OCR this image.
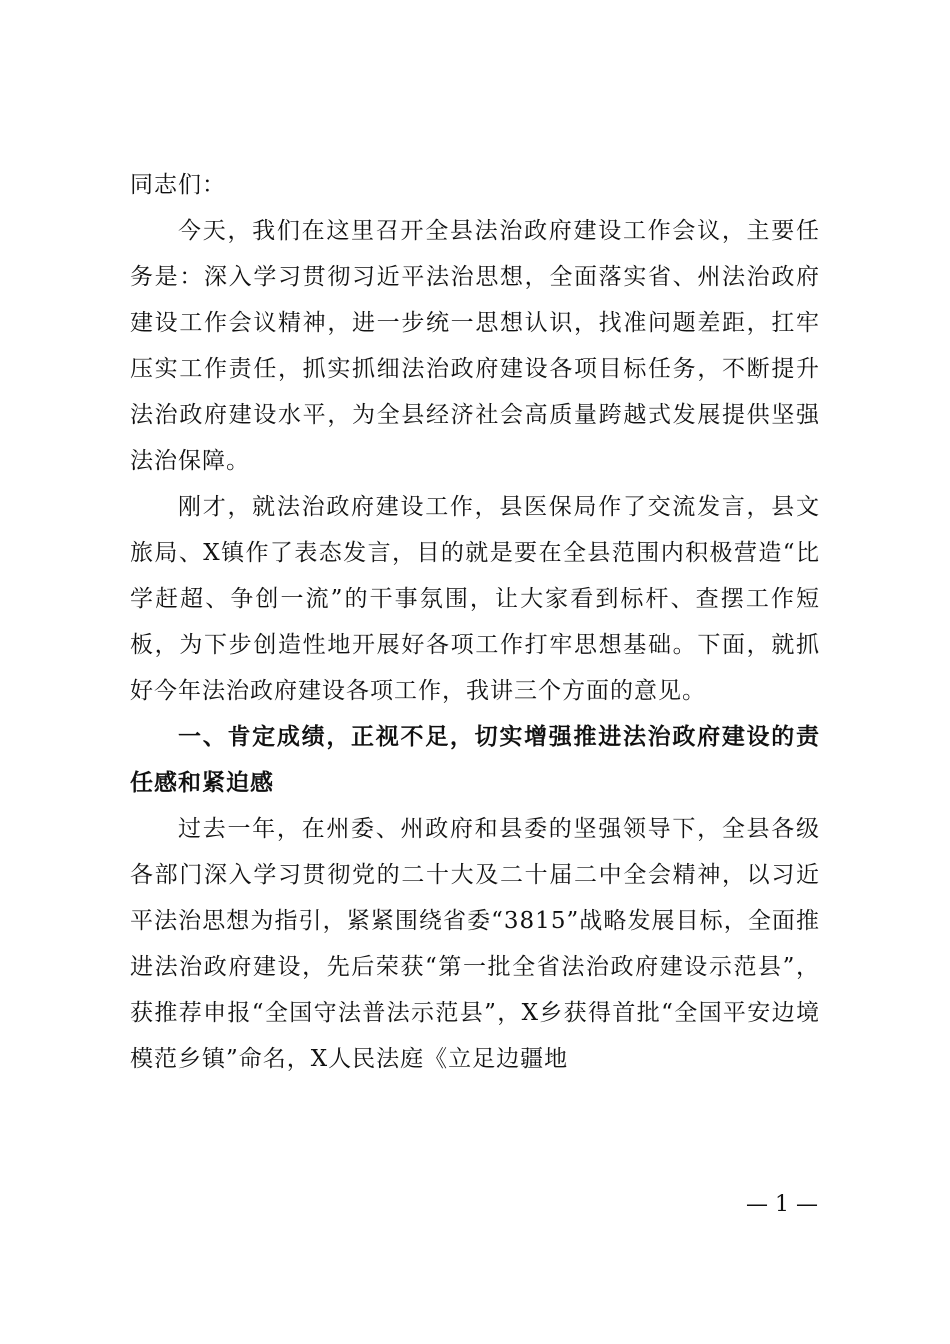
同志们：

今天，我们在这里召开全县法治政府建设工作会议，主要任务是：深入学习贯彻习近平法治思想，全面落实省、州法治政府建设工作会议精神，进一步统一思想认识，找准问题差距，扛牢压实工作责任，抓实抓细法治政府建设各项目标任务，不断提升法治政府建设水平，为全县经济社会高质量跨越式发展提供坚强法治保障。

刚才，就法治政府建设工作，县医保局作了交流发言，县文旅局、X镇作了表态发言，目的就是要在全县范围内积极营造“比学赶超、争创一流”的干事氛围，让大家看到标杆、查摆工作短板，为下步创造性地开展好各项工作打牢思想基础。下面，就抓好今年法治政府建设各项工作，我讲三个方面的意见。

一、肯定成绩，正视不足，切实增强推进法治政府建设的责任感和紧迫感

过去一年，在州委、州政府和县委的坚强领导下，全县各级各部门深入学习贯彻党的二十大及二十届二中全会精神，以习近平法治思想为指引，紧紧围绕省委“3815”战略发展目标，全面推进法治政府建设，先后荣获“第一批全省法治政府建设示范县”，获推荐申报“全国守法普法示范县”，X乡获得首批“全国平安边境模范乡镇”命名，X人民法庭《立足边疆地

— 1 —
